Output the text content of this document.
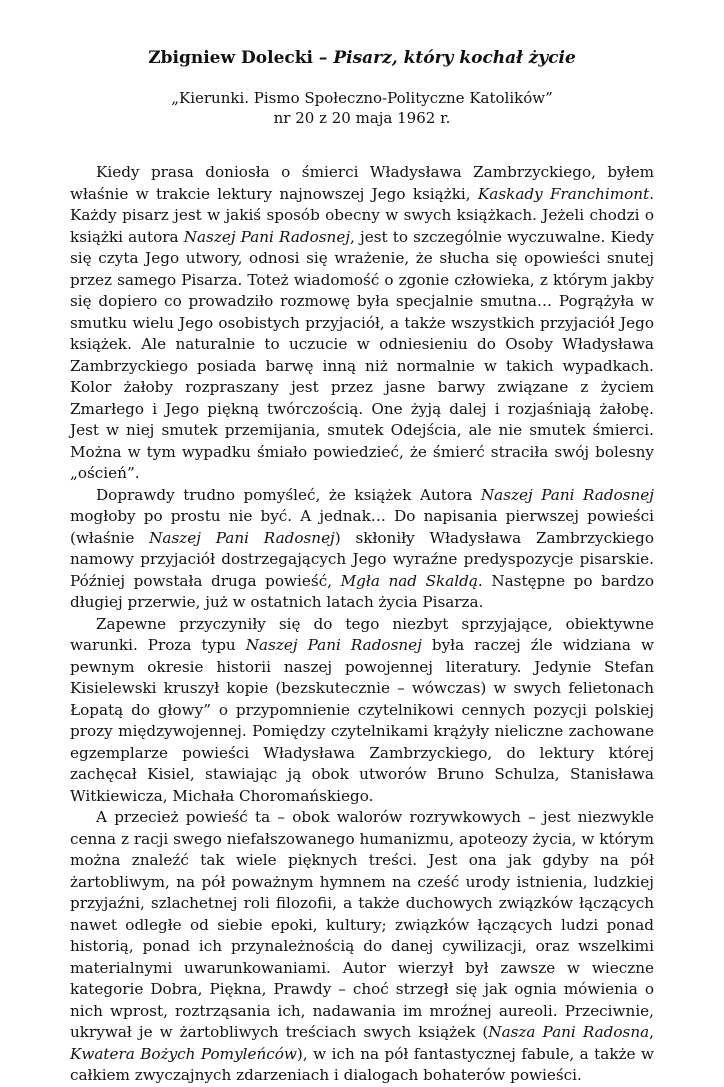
Zbigniew Dolecki – Pisarz, który kochał życie
„Kierunki. Pismo Społeczno-Polityczne Katolików”
nr 20 z 20 maja 1962 r.

Kiedy prasa doniosła o śmierci Władysława Zambrzyckiego, byłem właśnie w trakcie lektury najnowszej Jego książki, Kaskady Franchimont. Każdy pisarz jest w jakiś sposób obecny w swych książkach. Jeżeli chodzi o książki autora Naszej Pani Radosnej, jest to szczególnie wyczuwalne. Kiedy się czyta Jego utwory, odnosi się wrażenie, że słucha się opowieści snutej przez samego Pisarza. Toteż wiadomość o zgonie człowieka, z którym jakby się dopiero co prowadziło rozmowę była specjalnie smutna… Pogrążyła w smutku wielu Jego osobistych przyjaciół, a także wszystkich przyjaciół Jego książek. Ale naturalnie to uczucie w odniesieniu do Osoby Władysława Zambrzyckiego posiada barwę inną niż normalnie w takich wypadkach. Kolor żałoby rozpraszany jest przez jasne barwy związane z życiem Zmarłego i Jego piękną twórczością. One żyją dalej i rozjaśniają żałobę. Jest w niej smutek przemijania, smutek Odejścia, ale nie smutek śmierci. Można w tym wypadku śmiało powiedzieć, że śmierć straciła swój bolesny „oścień”.

Doprawdy trudno pomyśleć, że książek Autora Naszej Pani Radosnej mogłoby po prostu nie być. A jednak… Do napisania pierwszej powieści (właśnie Naszej Pani Radosnej) skłoniły Władysława Zambrzyckiego namowy przyjaciół dostrzegających Jego wyraźne predyspozycje pisarskie. Później powstała druga powieść, Mgła nad Skaldą. Następne po bardzo długiej przerwie, już w ostatnich latach życia Pisarza.

Zapewne przyczyniły się do tego niezbyt sprzyjające, obiektywne warunki. Proza typu Naszej Pani Radosnej była raczej źle widziana w pewnym okresie historii naszej powojennej literatury. Jedynie Stefan Kisielewski kruszył kopie (bezskutecznie – wówczas) w swych felietonach Łopatą do głowy” o przypomnienie czytelnikowi cennych pozycji polskiej prozy międzywojennej. Pomiędzy czytelnikami krążyły nieliczne zachowane egzemplarze powieści Władysława Zambrzyckiego, do lektury której zachęcał Kisiel, stawiając ją obok utworów Bruno Schulza, Stanisława Witkiewicza, Michała Choromańskiego.

A przecież powieść ta – obok walorów rozrywkowych – jest niezwykle cenna z racji swego niefałszowanego humanizmu, apoteozy życia, w którym można znaleźć tak wiele pięknych treści. Jest ona jak gdyby na pół żartobliwym, na pół poważnym hymnem na cześć urody istnienia, ludzkiej przyjaźni, szlachetnej roli filozofii, a także duchowych związków łączących nawet odległe od siebie epoki, kultury; związków łączących ludzi ponad historią, ponad ich przynależnością do danej cywilizacji, oraz wszelkimi materialnymi uwarunkowaniami. Autor wierzył był zawsze w wieczne kategorie Dobra, Piękna, Prawdy – choć strzegł się jak ognia mówienia o nich wprost, roztrząsania ich, nadawania im mroźnej aureoli. Przeciwnie, ukrywał je w żartobliwych treściach swych książek (Nasza Pani Radosna, Kwatera Bożych Pomyleńców), w ich na pół fantastycznej fabule, a także w całkiem zwyczajnych zdarzeniach i dialogach bohaterów powieści.
